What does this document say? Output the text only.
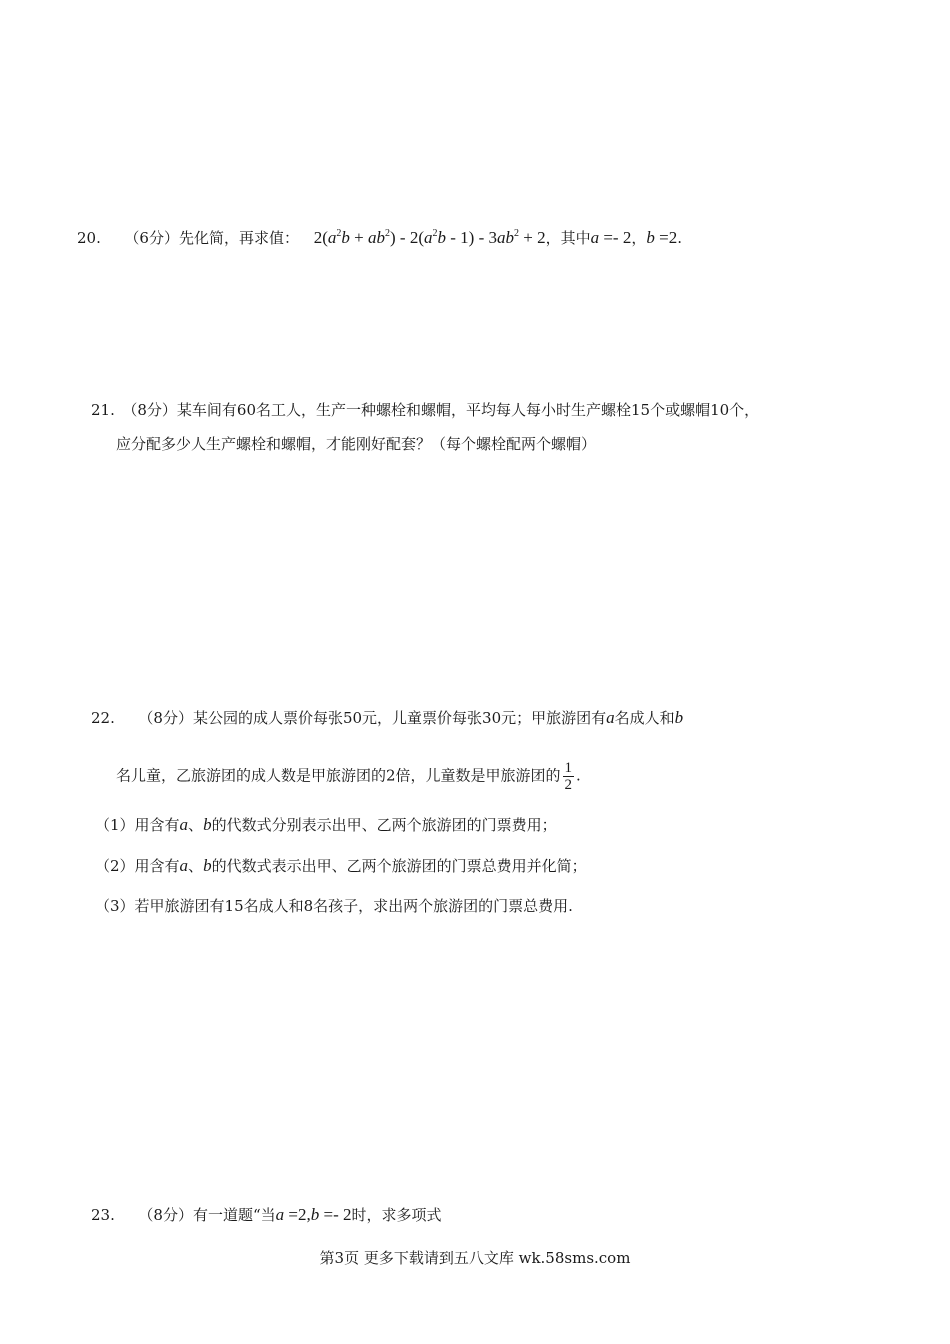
20. （6分）先化简，再求值： $2(a^2b + ab^2) - 2(a^2b - 1) - 3ab^2 + 2$，其中a =- 2，b =2.
21.　（8分）某车间有60名工人，生产一种螺栓和螺帽，平均每人每小时生产螺栓15个或螺帽10个，
应分配多少人生产螺栓和螺帽，才能刚好配套？（每个螺栓配两个螺帽）
22. （8分）某公园的成人票价每张50元，儿童票价每张30元；甲旅游团有a名成人和b
名儿童，乙旅游团的成人数是甲旅游团的2倍，儿童数是甲旅游团的 $\frac{1}{2}$ .
（1）用含有a、b的代数式分别表示出甲、乙两个旅游团的门票费用；
（2）用含有a、b的代数式表示出甲、乙两个旅游团的门票总费用并化简；
（3）若甲旅游团有15名成人和8名孩子，求出两个旅游团的门票总费用.
23. （8分）有一道题“当a =2,b =- 2时，求多项式
第3页 更多下载请到五八文库 wk.58sms.com
